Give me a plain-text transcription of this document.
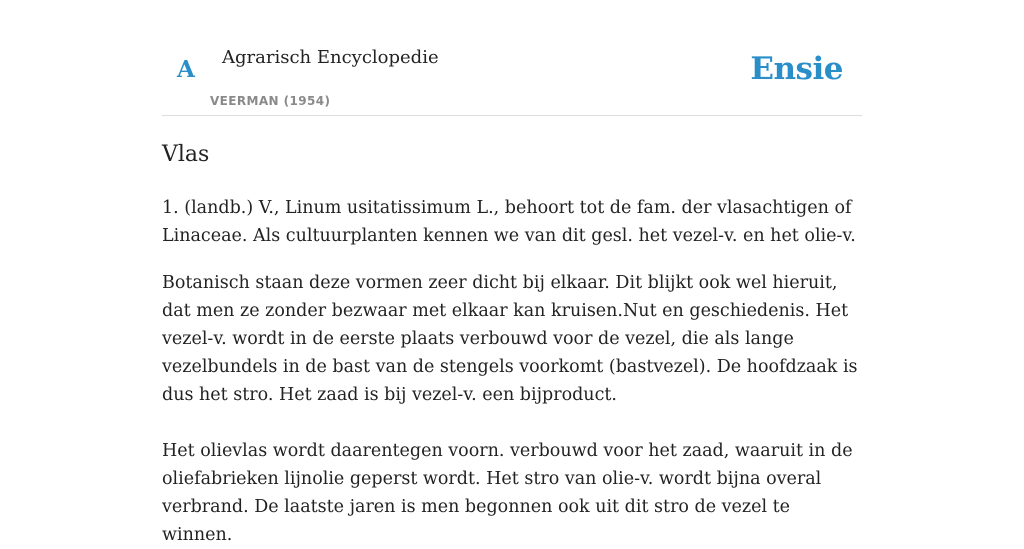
A Agrarisch Encyclopedie
VEERMAN (1954)
Ensie
Vlas

1. (landb.) V., Linum usitatissimum L., behoort tot de fam. der vlasachtigen of Linaceae. Als cultuurplanten kennen we van dit gesl. het vezel-v. en het olie-v.

Botanisch staan deze vormen zeer dicht bij elkaar. Dit blijkt ook wel hieruit, dat men ze zonder bezwaar met elkaar kan kruisen.Nut en geschiedenis. Het vezel-v. wordt in de eerste plaats verbouwd voor de vezel, die als lange vezelbundels in de bast van de stengels voorkomt (bastvezel). De hoofdzaak is dus het stro. Het zaad is bij vezel-v. een bijproduct.

Het olievlas wordt daarentegen voorn. verbouwd voor het zaad, waaruit in de oliefabrieken lijnolie geperst wordt. Het stro van olie-v. wordt bijna overal verbrand. De laatste jaren is men begonnen ook uit dit stro de vezel te winnen.
